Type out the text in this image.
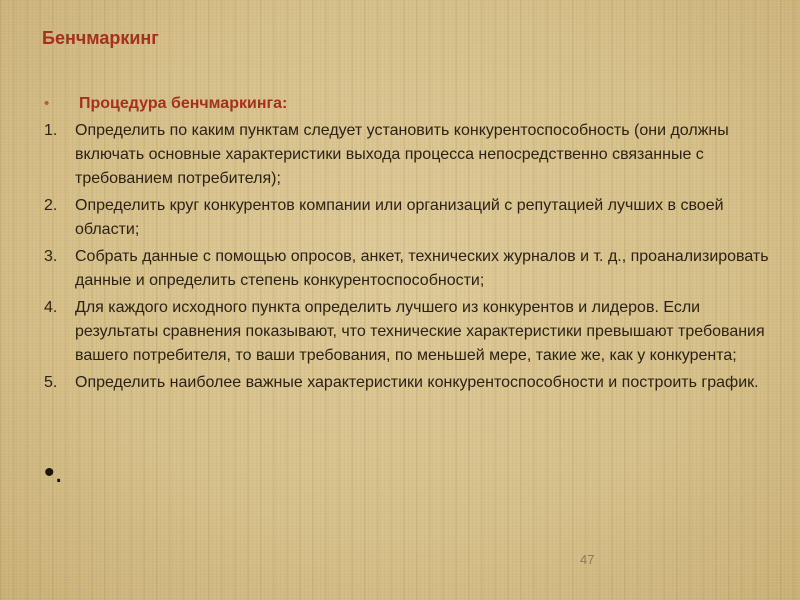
Бенчмаркинг
• Процедура бенчмаркинга:
1. Определить по каким пунктам следует установить конкурентоспособность (они должны включать основные характеристики выхода процесса непосредственно связанные с требованием потребителя);
2. Определить круг конкурентов компании или организаций с репутацией лучших в своей области;
3. Собрать данные с помощью опросов, анкет, технических журналов и т. д., проанализировать данные и определить степень конкурентоспособности;
4. Для каждого исходного пункта определить лучшего из конкурентов и лидеров. Если результаты сравнения показывают, что технические характеристики превышают требования вашего потребителя, то ваши требования, по меньшей мере, такие же, как у конкурента;
5. Определить наиболее важные характеристики конкурентоспособности и построить график.
•.
47
